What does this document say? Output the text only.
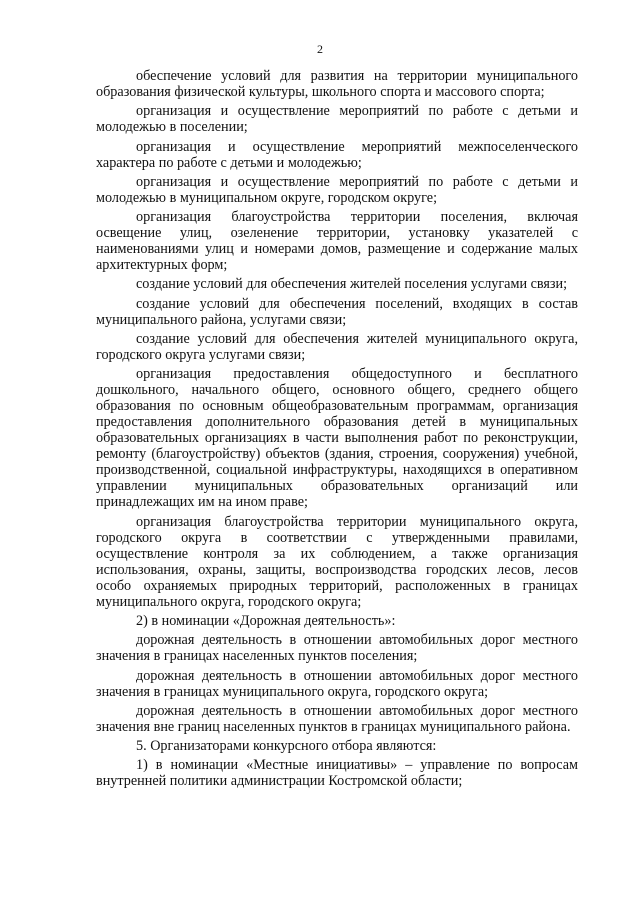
2

обеспечение условий для развития на территории муниципального образования физической культуры, школьного спорта и массового спорта;

организация и осуществление мероприятий по работе с детьми и молодежью в поселении;

организация и осуществление мероприятий межпоселенческого характера по работе с детьми и молодежью;

организация и осуществление мероприятий по работе с детьми и молодежью в муниципальном округе, городском округе;

организация благоустройства территории поселения, включая освещение улиц, озеленение территории, установку указателей с наименованиями улиц и номерами домов, размещение и содержание малых архитектурных форм;

создание условий для обеспечения жителей поселения услугами связи;

создание условий для обеспечения поселений, входящих в состав муниципального района, услугами связи;

создание условий для обеспечения жителей муниципального округа, городского округа услугами связи;

организация предоставления общедоступного и бесплатного дошкольного, начального общего, основного общего, среднего общего образования по основным общеобразовательным программам, организация предоставления дополнительного образования детей в муниципальных образовательных организациях в части выполнения работ по реконструкции, ремонту (благоустройству) объектов (здания, строения, сооружения) учебной, производственной, социальной инфраструктуры, находящихся в оперативном управлении муниципальных образовательных организаций или принадлежащих им на ином праве;

организация благоустройства территории муниципального округа, городского округа в соответствии с утвержденными правилами, осуществление контроля за их соблюдением, а также организация использования, охраны, защиты, воспроизводства городских лесов, лесов особо охраняемых природных территорий, расположенных в границах муниципального округа, городского округа;

2) в номинации «Дорожная деятельность»:

дорожная деятельность в отношении автомобильных дорог местного значения в границах населенных пунктов поселения;

дорожная деятельность в отношении автомобильных дорог местного значения в границах муниципального округа, городского округа;

дорожная деятельность в отношении автомобильных дорог местного значения вне границ населенных пунктов в границах муниципального района.

5. Организаторами конкурсного отбора являются:

1) в номинации «Местные инициативы» – управление по вопросам внутренней политики администрации Костромской области;
